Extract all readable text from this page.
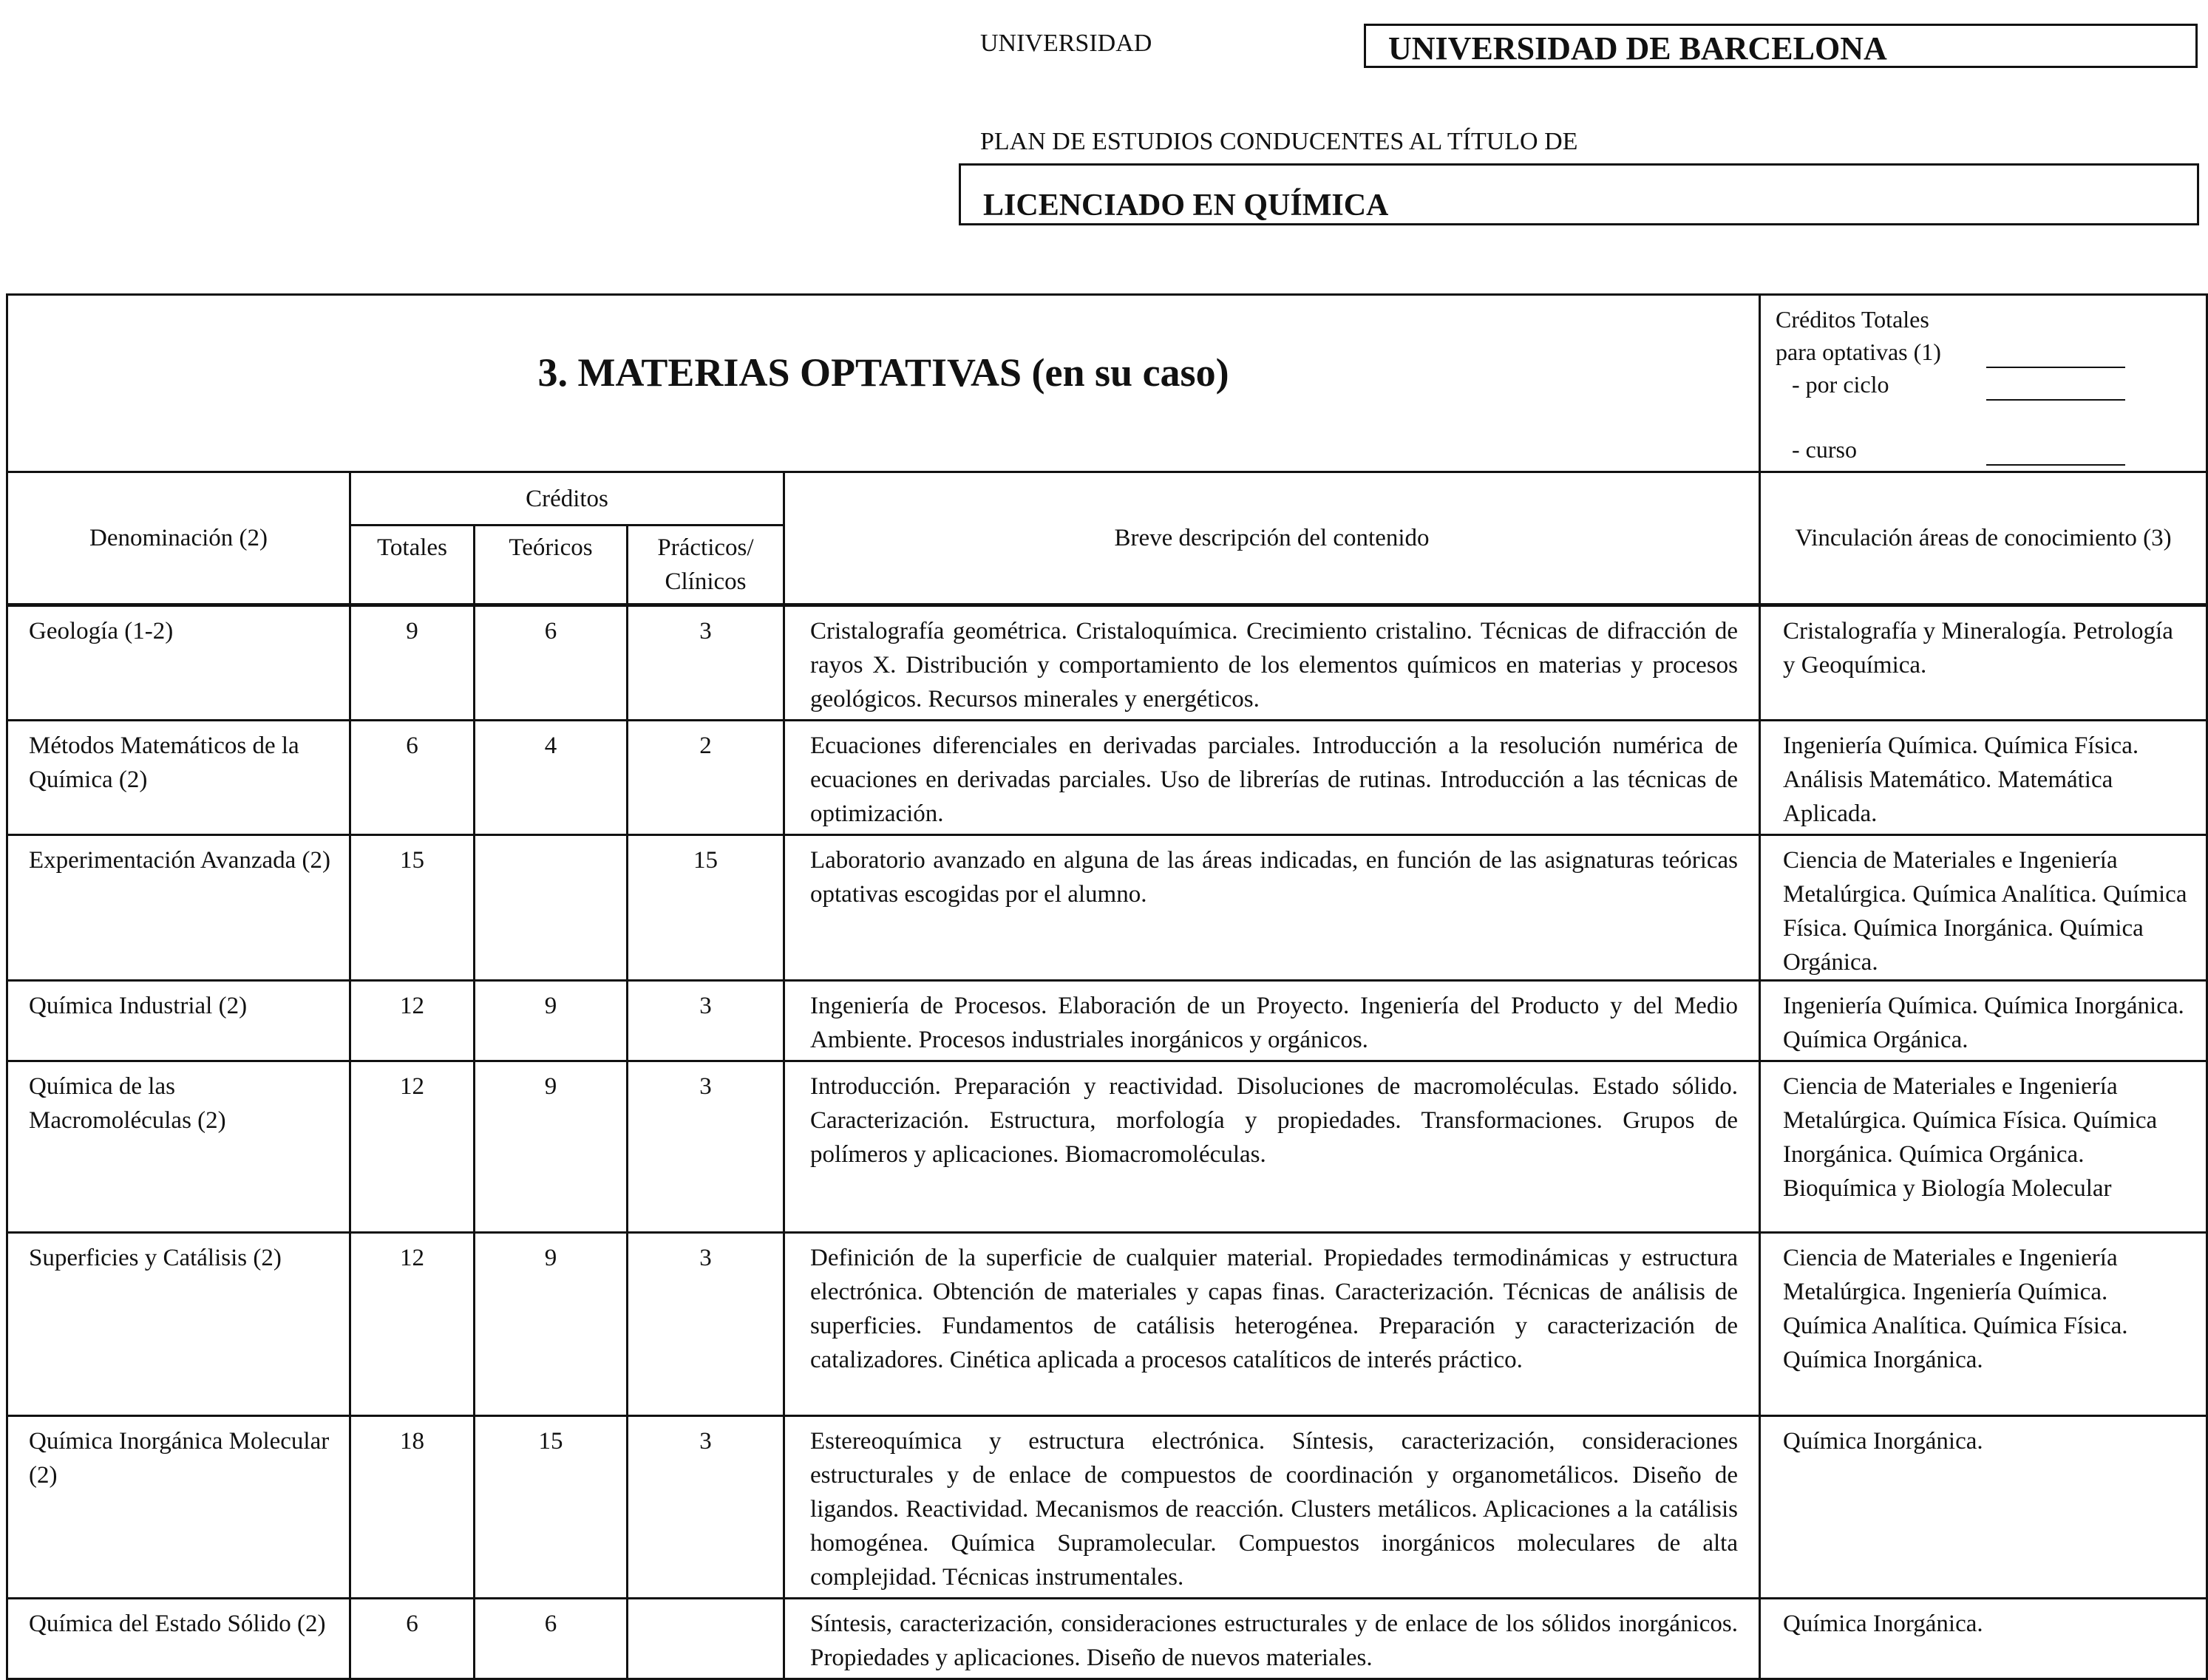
UNIVERSIDAD	UNIVERSIDAD DE BARCELONA
PLAN DE ESTUDIOS CONDUCENTES AL TÍTULO DE
LICENCIADO EN QUÍMICA
3. MATERIAS OPTATIVAS (en su caso)					Créditos Totales
para optativas (1)
- por ciclo
- curso

Denominación (2)	Créditos			Breve descripción del contenido	Vinculación áreas de conocimiento (3)
	Totales	Teóricos	Prácticos/ Clínicos		
Geología (1-2)	9	6	3	Cristalografía geométrica. Cristaloquímica. Crecimiento cristalino. Técnicas de difracción de rayos X. Distribución y comportamiento de los elementos químicos en materias y procesos geológicos. Recursos minerales y energéticos.	Cristalografía y Mineralogía. Petrología y Geoquímica.
Métodos Matemáticos de la Química (2)	6	4	2	Ecuaciones diferenciales en derivadas parciales. Introducción a la resolución numérica de ecuaciones en derivadas parciales. Uso de librerías de rutinas. Introducción a las técnicas de optimización.	Ingeniería Química. Química Física. Análisis Matemático. Matemática Aplicada.
Experimentación Avanzada (2)	15		15	Laboratorio avanzado en alguna de las áreas indicadas, en función de las asignaturas teóricas optativas escogidas por el alumno.	Ciencia de Materiales e Ingeniería Metalúrgica. Química Analítica. Química Física. Química Inorgánica. Química Orgánica.
Química Industrial (2)	12	9	3	Ingeniería de Procesos. Elaboración de un Proyecto. Ingeniería del Producto y del Medio Ambiente. Procesos industriales inorgánicos y orgánicos.	Ingeniería Química. Química Inorgánica. Química Orgánica.
Química de las Macromoléculas (2)	12	9	3	Introducción. Preparación y reactividad. Disoluciones de macromoléculas. Estado sólido. Caracterización. Estructura, morfología y propiedades. Transformaciones. Grupos de polímeros y aplicaciones. Biomacromoléculas.	Ciencia de Materiales e Ingeniería Metalúrgica. Química Física. Química Inorgánica. Química Orgánica. Bioquímica y Biología Molecular
Superficies y Catálisis (2)	12	9	3	Definición de la superficie de cualquier material. Propiedades termodinámicas y estructura electrónica. Obtención de materiales y capas finas. Caracterización. Técnicas de análisis de superficies. Fundamentos de catálisis heterogénea. Preparación y caracterización de catalizadores. Cinética aplicada a procesos catalíticos de interés práctico.	Ciencia de Materiales e Ingeniería Metalúrgica. Ingeniería Química. Química Analítica. Química Física. Química Inorgánica.
Química Inorgánica Molecular (2)	18	15	3	Estereoquímica y estructura electrónica. Síntesis, caracterización, consideraciones estructurales y de enlace de compuestos de coordinación y organometálicos. Diseño de ligandos. Reactividad. Mecanismos de reacción. Clusters metálicos. Aplicaciones a la catálisis homogénea. Química Supramolecular. Compuestos inorgánicos moleculares de alta complejidad. Técnicas instrumentales.	Química Inorgánica.
Química del Estado Sólido (2)	6	6		Síntesis, caracterización, consideraciones estructurales y de enlace de los sólidos inorgánicos. Propiedades y aplicaciones. Diseño de nuevos materiales.	Química Inorgánica.
